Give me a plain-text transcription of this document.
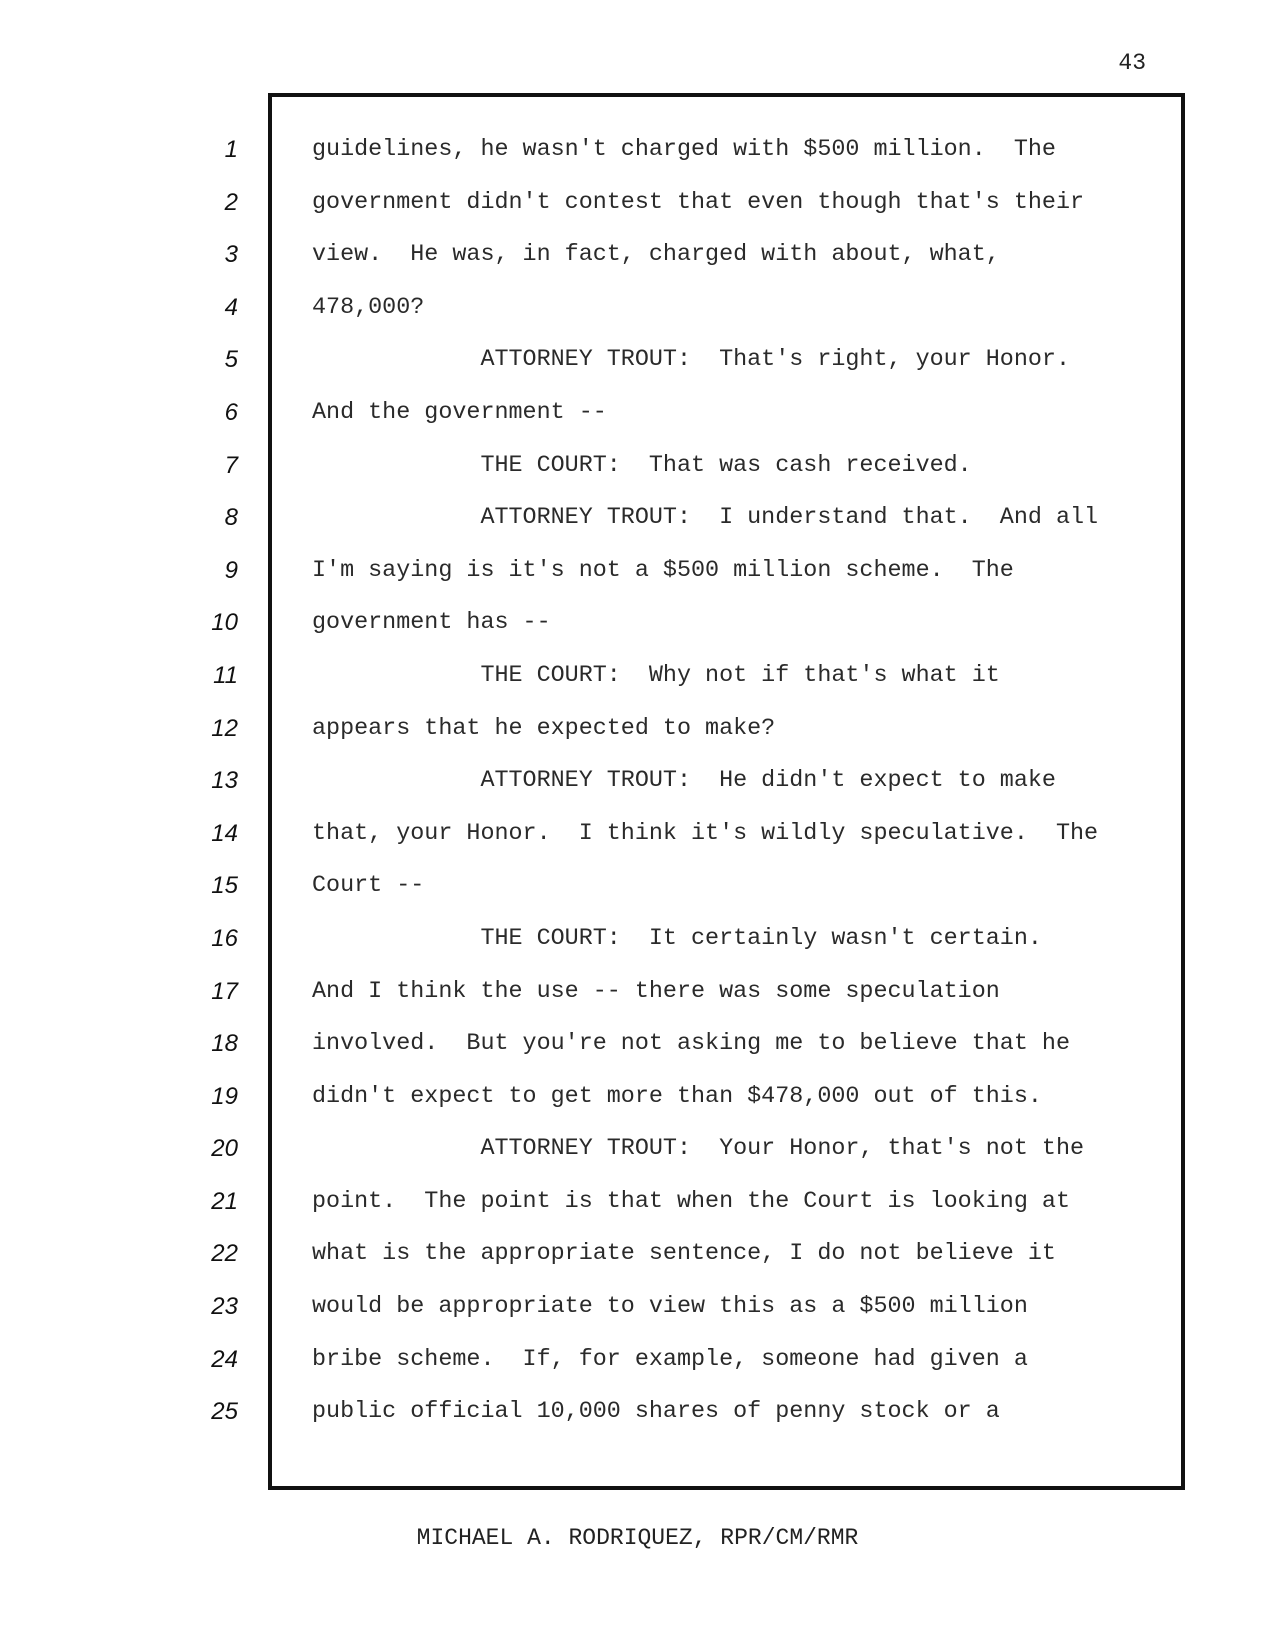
43
1
2
3
4
5
6
7
8
9
10
11
12
13
14
15
16
17
18
19
20
21
22
23
24
25
guidelines, he wasn't charged with $500 million.  The
government didn't contest that even though that's their
view.  He was, in fact, charged with about, what,
478,000?
ATTORNEY TROUT:  That's right, your Honor.
And the government --
THE COURT:  That was cash received.
ATTORNEY TROUT:  I understand that.  And all
I'm saying is it's not a $500 million scheme.  The
government has --
THE COURT:  Why not if that's what it
appears that he expected to make?
ATTORNEY TROUT:  He didn't expect to make
that, your Honor.  I think it's wildly speculative.  The
Court --
THE COURT:  It certainly wasn't certain.
And I think the use -- there was some speculation
involved.  But you're not asking me to believe that he
didn't expect to get more than $478,000 out of this.
ATTORNEY TROUT:  Your Honor, that's not the
point.  The point is that when the Court is looking at
what is the appropriate sentence, I do not believe it
would be appropriate to view this as a $500 million
bribe scheme.  If, for example, someone had given a
public official 10,000 shares of penny stock or a
MICHAEL A. RODRIQUEZ, RPR/CM/RMR
